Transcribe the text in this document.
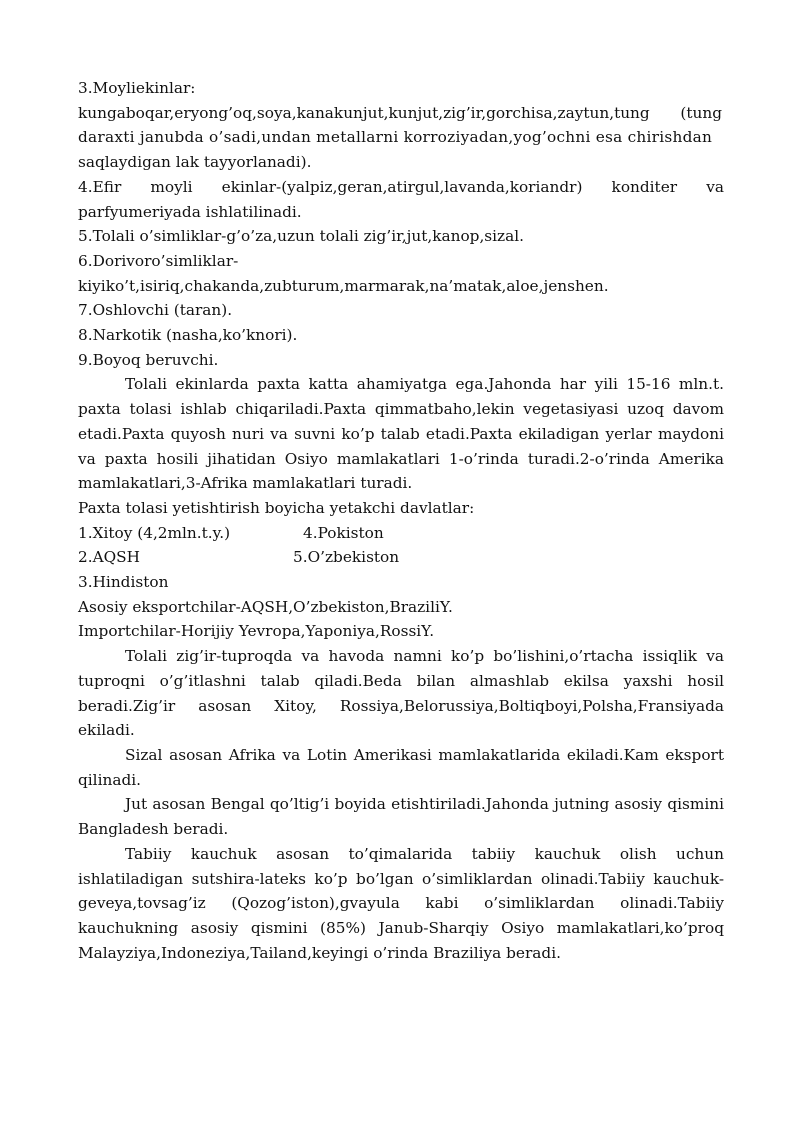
3.Moyliekinlar:
kungaboqar,eryong’oq,soya,kanakunjut,kunjut,zig’ir,gorchisa,zaytun,tung (tung
daraxti janubda o’sadi,undan metallarni korroziyadan,yog’ochni esa chirishdan
saqlaydigan lak tayyorlanadi).
4.Efir moyli ekinlar-(yalpiz,geran,atirgul,lavanda,koriandr) konditer va
parfyumeriyada ishlatilinadi.
5.Tolali o’simliklar-g’o’za,uzun tolali zig’ir,jut,kanop,sizal.
6.Dorivoro’simliklar-
kiyiko’t,isiriq,chakanda,zubturum,marmarak,na’matak,aloe,jenshen.
7.Oshlovchi (taran).
8.Narkotik (nasha,ko’knori).
9.Boyoq beruvchi.
Tolali ekinlarda paxta katta ahamiyatga ega.Jahonda har yili 15-16 mln.t. paxta tolasi ishlab chiqariladi.Paxta qimmatbaho,lekin vegetasiyasi uzoq davom etadi.Paxta quyosh nuri va suvni ko’p talab etadi.Paxta ekiladigan yerlar maydoni va paxta hosili jihatidan Osiyo mamlakatlari 1-o’rinda turadi.2-o’rinda Amerika mamlakatlari,3-Afrika mamlakatlari turadi.
Paxta tolasi yetishtirish boyicha yetakchi davlatlar:
1.Xitoy (4,2mln.t.y.)	4.Pokiston
2.AQSH	5.O’zbekiston
3.Hindiston
Asosiy eksportchilar-AQSH,O’zbekiston,BraziliY.
Importchilar-Horijiy Yevropa,Yaponiya,RossiY.
Tolali zig’ir-tuproqda va havoda namni ko’p bo’lishini,o’rtacha issiqlik va tuproqni o’g’itlashni talab qiladi.Beda bilan almashlab ekilsa yaxshi hosil beradi.Zig’ir asosan Xitoy, Rossiya,Belorussiya,Boltiqboyi,Polsha,Fransiyada ekiladi.
Sizal asosan Afrika va Lotin Amerikasi mamlakatlarida ekiladi.Kam eksport qilinadi.
Jut asosan Bengal qo’ltig’i boyida etishtiriladi.Jahonda jutning asosiy qismini Bangladesh beradi.
Tabiiy kauchuk asosan to’qimalarida tabiiy kauchuk olish uchun ishlatiladigan sutshira-lateks ko’p bo’lgan o’simliklardan olinadi.Tabiiy kauchuk-geveya,tovsag’iz (Qozog’iston),gvayula kabi o’simliklardan olinadi.Tabiiy kauchukning asosiy qismini (85%) Janub-Sharqiy Osiyo mamlakatlari,ko’proq Malayziya,Indoneziya,Tailand,keyingi o’rinda Braziliya beradi.
